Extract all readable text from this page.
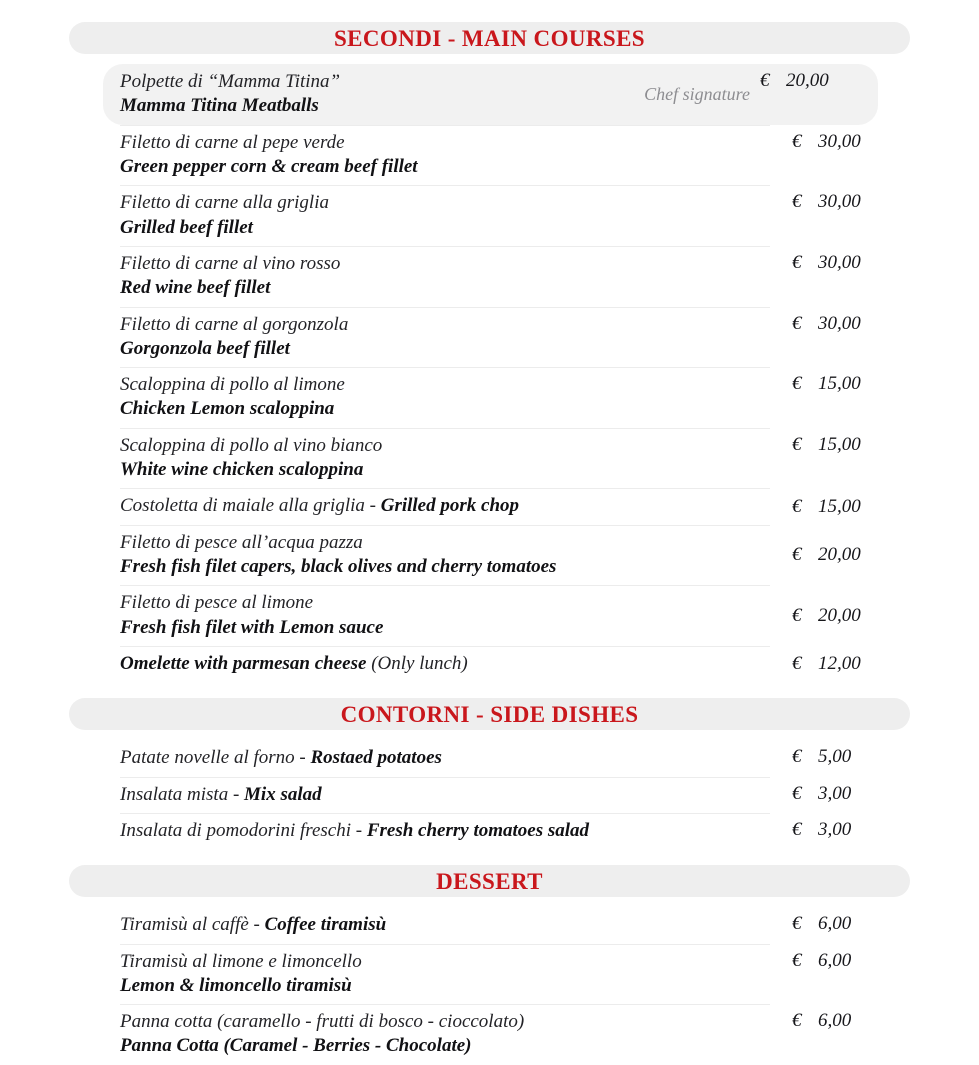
SECONDI - MAIN COURSES
Polpette di “Mamma Titina”
Mamma Titina Meatballs
Chef signature
€ 20,00
Filetto di carne al pepe verde
Green pepper corn & cream beef fillet
€ 30,00
Filetto di carne alla griglia
Grilled beef fillet
€ 30,00
Filetto di carne al vino rosso
Red wine beef fillet
€ 30,00
Filetto di carne al gorgonzola
Gorgonzola beef fillet
€ 30,00
Scaloppina di pollo al limone
Chicken Lemon scaloppina
€ 15,00
Scaloppina di pollo al vino bianco
White wine chicken scaloppina
€ 15,00
Costoletta di maiale alla griglia - Grilled pork chop	€ 15,00
Filetto di pesce all’acqua pazza
Fresh fish filet capers, black olives and cherry tomatoes
€ 20,00
Filetto di pesce al limone
Fresh fish filet with Lemon sauce
€ 20,00
Omelette with parmesan cheese (Only lunch)	€ 12,00
CONTORNI - SIDE DISHES
Patate novelle al forno - Rostaed potatoes	€ 5,00
Insalata mista - Mix salad	€ 3,00
Insalata di pomodorini freschi - Fresh cherry tomatoes salad	€ 3,00
DESSERT
Tiramisù al caffè - Coffee tiramisù	€ 6,00
Tiramisù al limone e limoncello
Lemon & limoncello tiramisù
€ 6,00
Panna cotta (caramello - frutti di bosco - cioccolato)
Panna Cotta (Caramel - Berries - Chocolate)
€ 6,00
